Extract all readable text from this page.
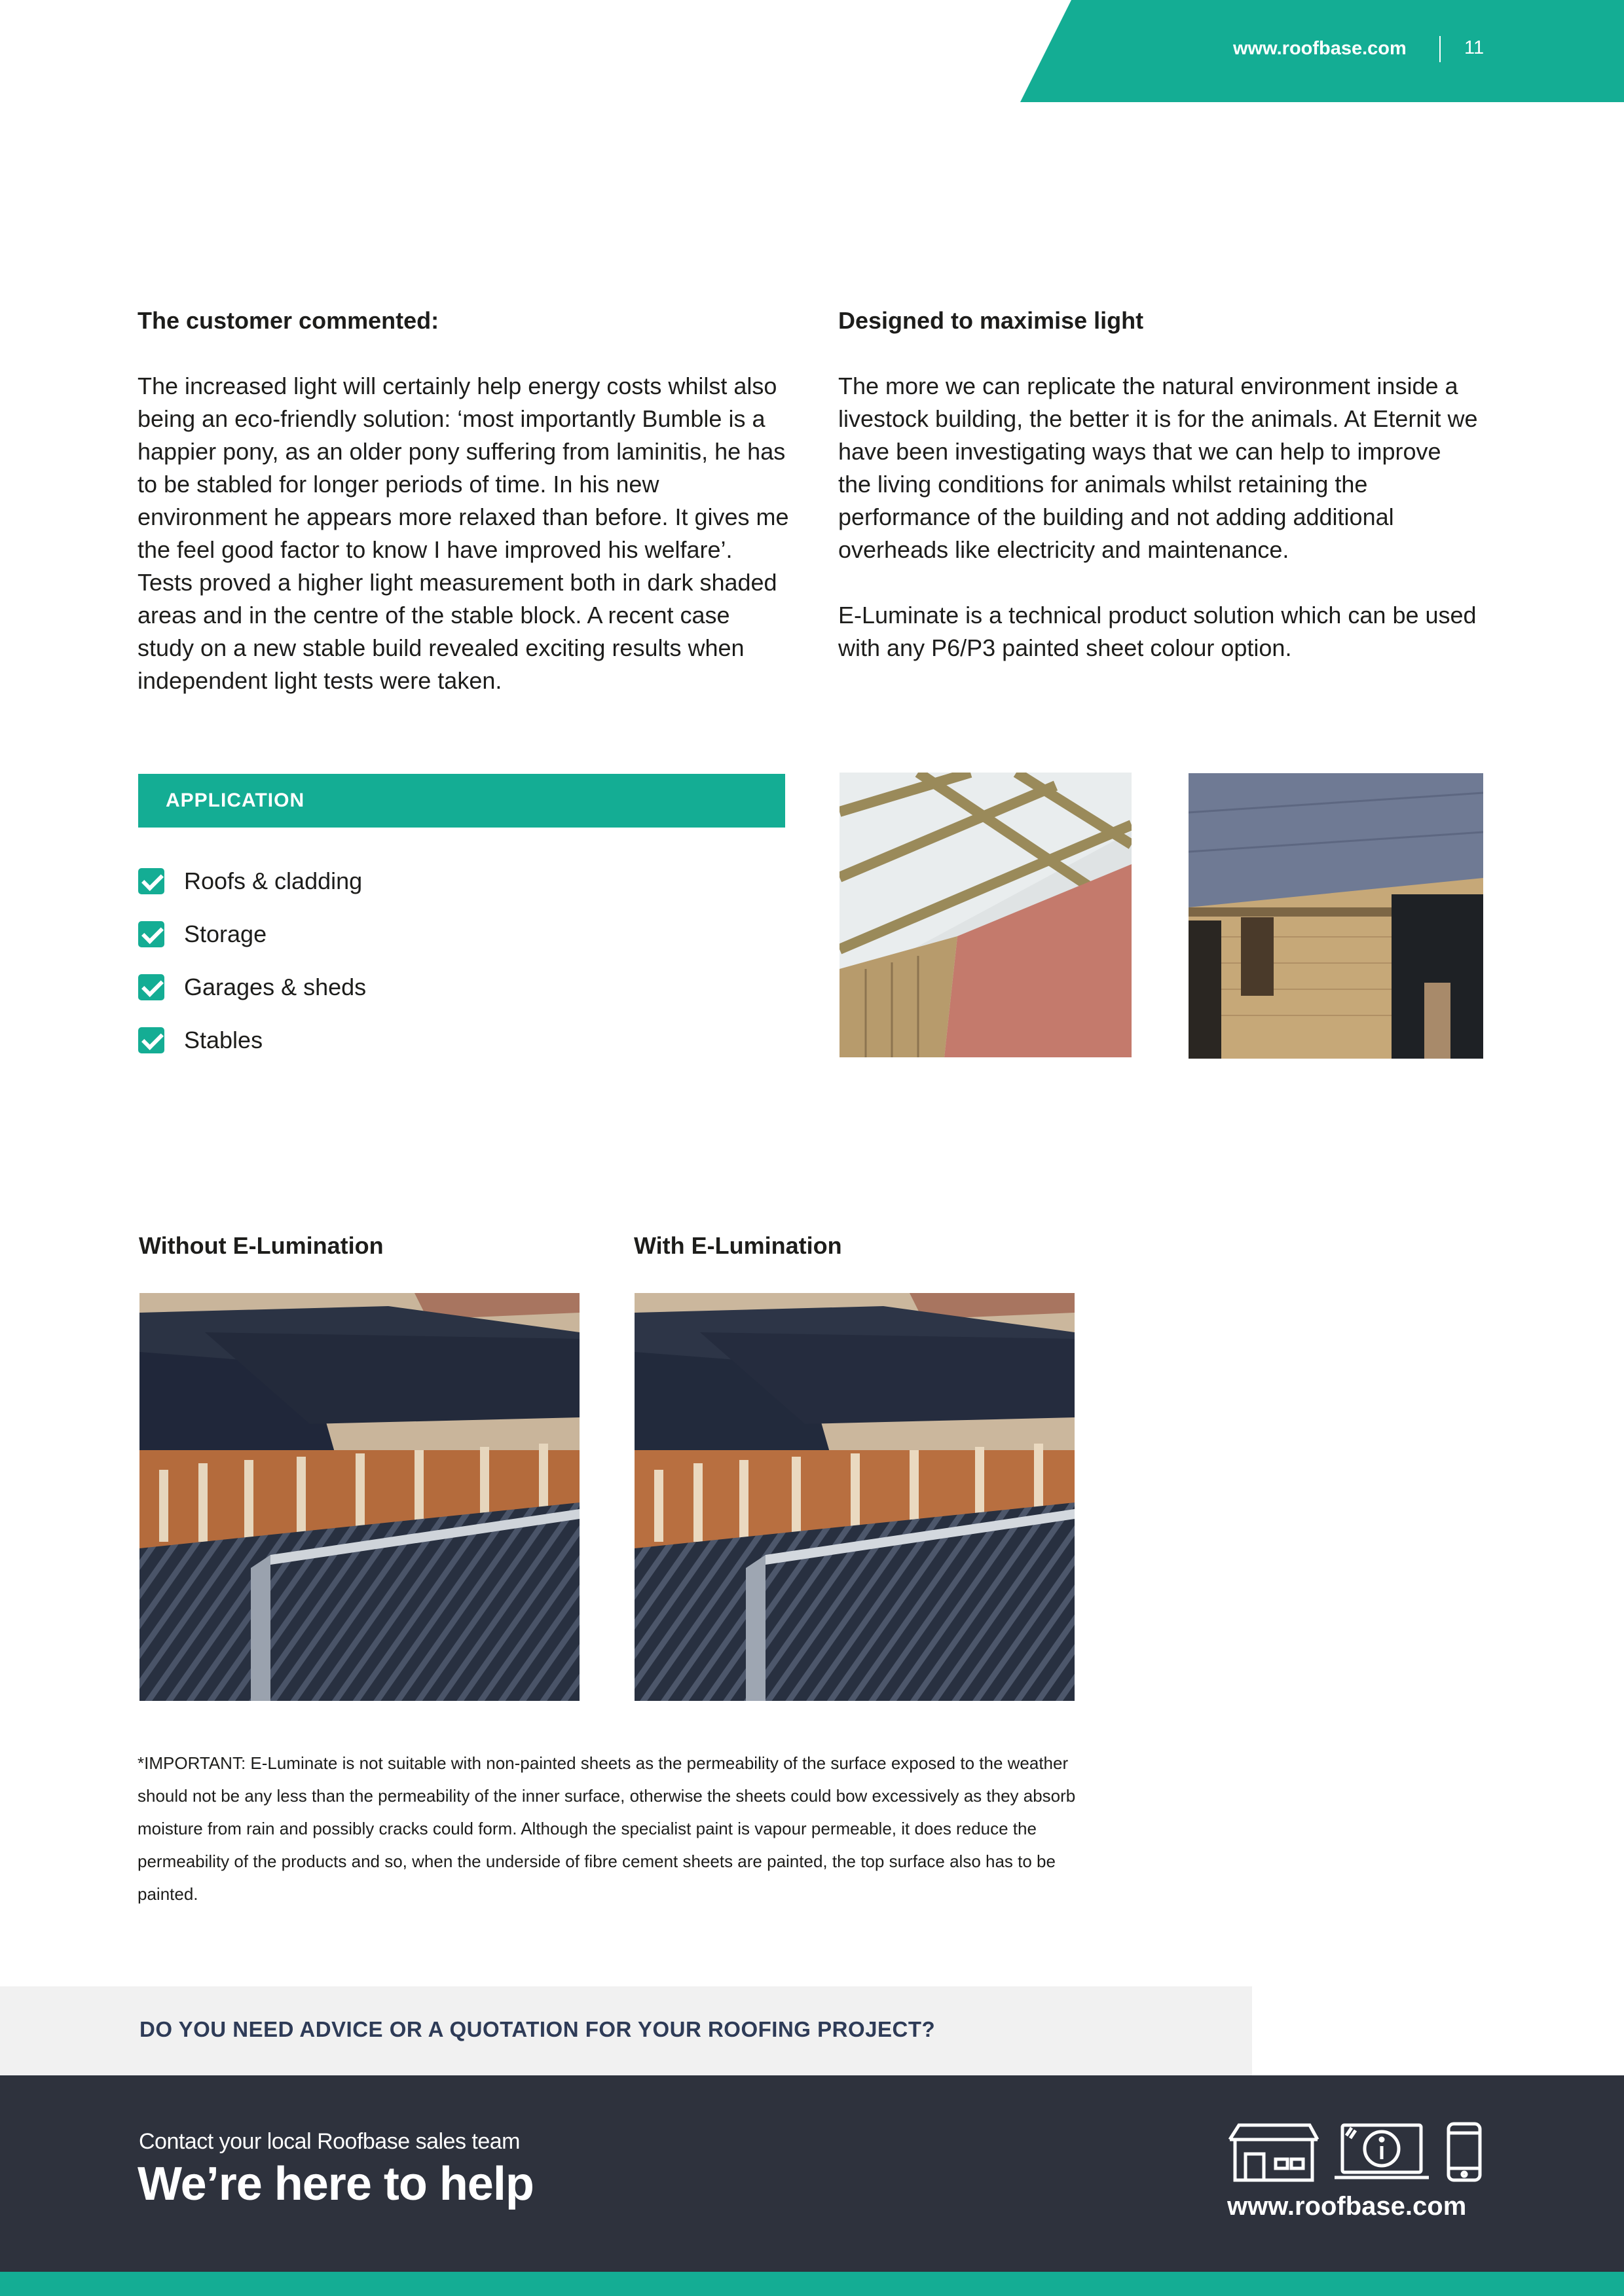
www.roofbase.com	11
The customer commented:

The increased light will certainly help energy costs whilst also being an eco-friendly solution: ‘most importantly Bumble is a happier pony, as an older pony suffering from laminitis, he has to be stabled for longer periods of time. In his new environment he appears more relaxed than before. It gives me the feel good factor to know I have improved his welfare’. Tests proved a higher light measurement both in dark shaded areas and in the centre of the stable block. A recent case study on a new stable build revealed exciting results when independent light tests were taken.

Designed to maximise light

The more we can replicate the natural environment inside a livestock building, the better it is for the animals. At Eternit we have been investigating ways that we can help to improve the living conditions for animals whilst retaining the performance of the building and not adding additional overheads like electricity and maintenance.

E-Luminate is a technical product solution which can be used with any P6/P3 painted sheet colour option.

APPLICATION
Roofs & cladding
Storage
Garages & sheds
Stables
Without E-Lumination	With E-Lumination

*IMPORTANT: E-Luminate is not suitable with non-painted sheets as the permeability of the surface exposed to the weather should not be any less than the permeability of the inner surface, otherwise the sheets could bow excessively as they absorb moisture from rain and possibly cracks could form. Although the specialist paint is vapour permeable, it does reduce the permeability of the products and so, when the underside of fibre cement sheets are painted, the top surface also has to be painted.

DO YOU NEED ADVICE OR A QUOTATION FOR YOUR ROOFING PROJECT?
Contact your local Roofbase sales team
We’re here to help	www.roofbase.com
